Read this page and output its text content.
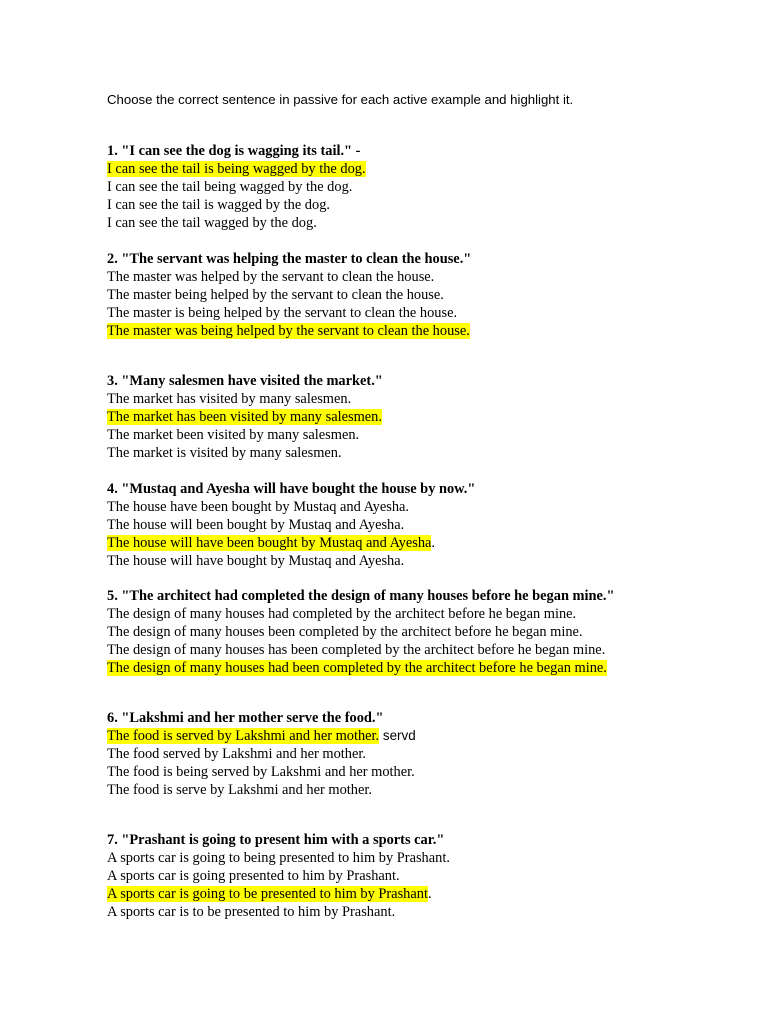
Choose the correct sentence in passive for each active example and highlight it.
1. "I can see the dog is wagging its tail." -
I can see the tail is being wagged by the dog.
I can see the tail being wagged by the dog.
I can see the tail is wagged by the dog.
I can see the tail wagged by the dog.
2. "The servant was helping the master to clean the house."
The master was helped by the servant to clean the house.
The master being helped by the servant to clean the house.
The master is being helped by the servant to clean the house.
The master was being helped by the servant to clean the house.
3. "Many salesmen have visited the market."
The market has visited by many salesmen.
The market has been visited by many salesmen.
The market been visited by many salesmen.
The market is visited by many salesmen.
4. "Mustaq and Ayesha will have bought the house by now."
The house have been bought by Mustaq and Ayesha.
The house will been bought by Mustaq and Ayesha.
The house will have been bought by Mustaq and Ayesha.
The house will have bought by Mustaq and Ayesha.
5. "The architect had completed the design of many houses before he began mine."
The design of many houses had completed by the architect before he began mine.
The design of many houses been completed by the architect before he began mine.
The design of many houses has been completed by the architect before he began mine.
The design of many houses had been completed by the architect before he began mine.
6. "Lakshmi and her mother serve the food."
The food is served by Lakshmi and her mother. servd
The food served by Lakshmi and her mother.
The food is being served by Lakshmi and her mother.
The food is serve by Lakshmi and her mother.
7. "Prashant is going to present him with a sports car."
A sports car is going to being presented to him by Prashant.
A sports car is going presented to him by Prashant.
A sports car is going to be presented to him by Prashant.
A sports car is to be presented to him by Prashant.
